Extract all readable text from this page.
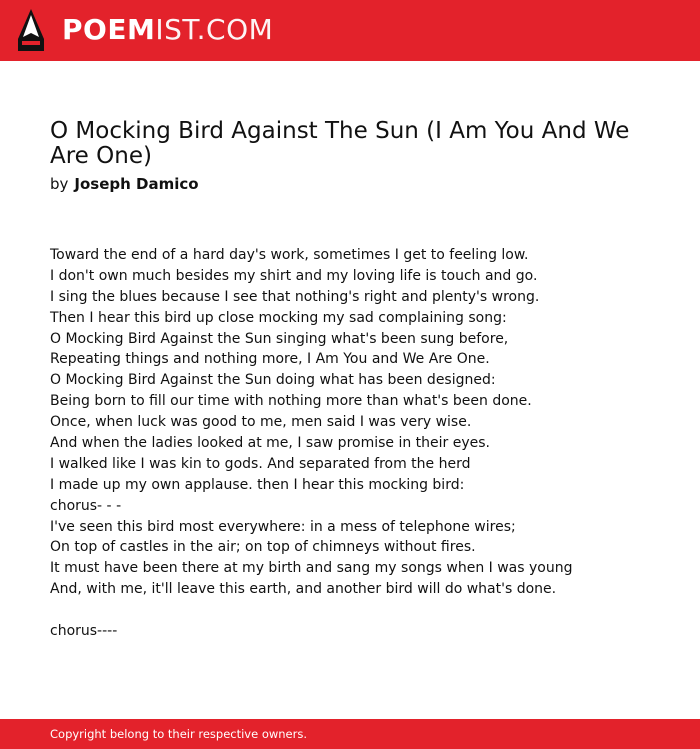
POEMIST.COM
O Mocking Bird Against The Sun (I Am You And We Are One)
by Joseph Damico
Toward the end of a hard day's work, sometimes I get to feeling low.
I don't own much besides my shirt and my loving life is touch and go.
I sing the blues because I see that nothing's right and plenty's wrong.
Then I hear this bird up close mocking my sad complaining song:
O Mocking Bird Against the Sun singing what's been sung before,
Repeating things and nothing more, I Am You and We Are One.
O Mocking Bird Against the Sun doing what has been designed:
Being born to fill our time with nothing more than what's been done.
Once, when luck was good to me, men said I was very wise.
And when the ladies looked at me, I saw promise in their eyes.
I walked like I was kin to gods. And separated from the herd
I made up my own applause. then I hear this mocking bird:
chorus- - -
I've seen this bird most everywhere: in a mess of telephone wires;
On top of castles in the air; on top of chimneys without fires.
It must have been there at my birth and sang my songs when I was young
And, with me, it'll leave this earth, and another bird will do what's done.
chorus----
Copyright belong to their respective owners.
